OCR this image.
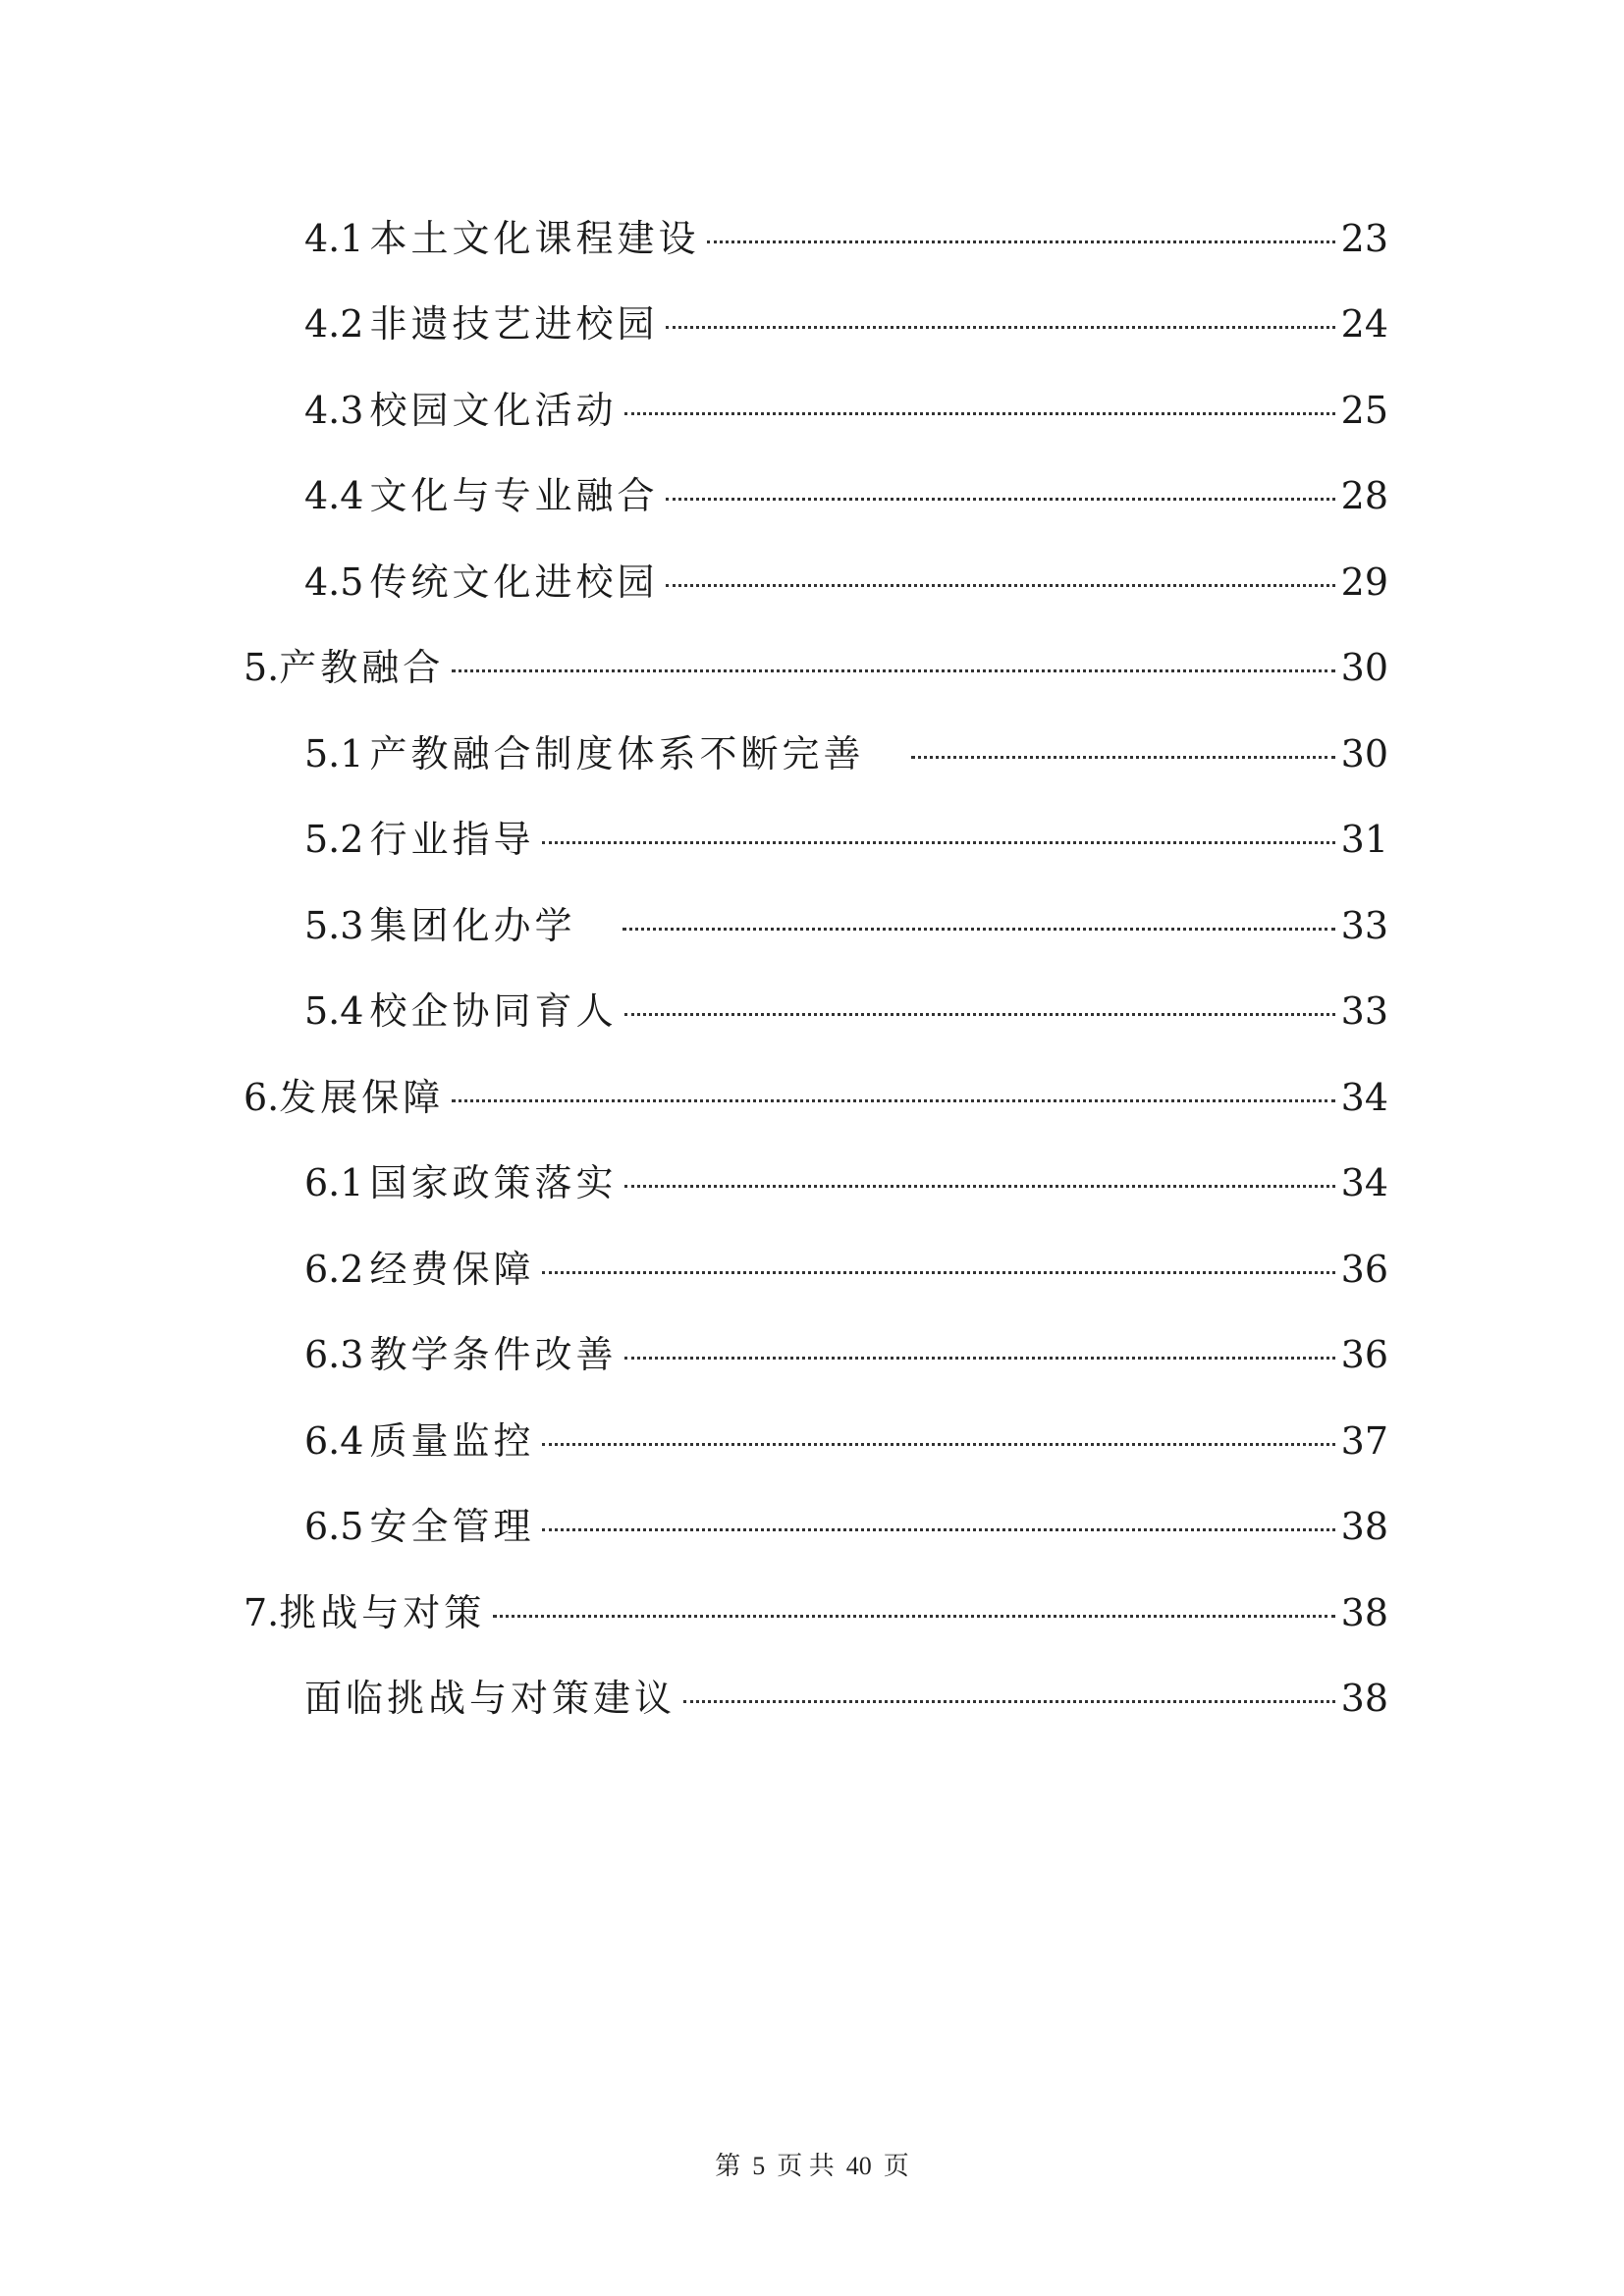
4.1 本土文化课程建设	23
4.2 非遗技艺进校园	24
4.3 校园文化活动	25
4.4 文化与专业融合	28
4.5 传统文化进校园	29
5. 产教融合	30
5.1 产教融合制度体系不断完善	30
5.2 行业指导	31
5.3 集团化办学	33
5.4 校企协同育人	33
6. 发展保障	34
6.1 国家政策落实	34
6.2 经费保障	36
6.3 教学条件改善	36
6.4 质量监控	37
6.5 安全管理	38
7. 挑战与对策	38
面临挑战与对策建议	38
第 5 页 共 40 页
